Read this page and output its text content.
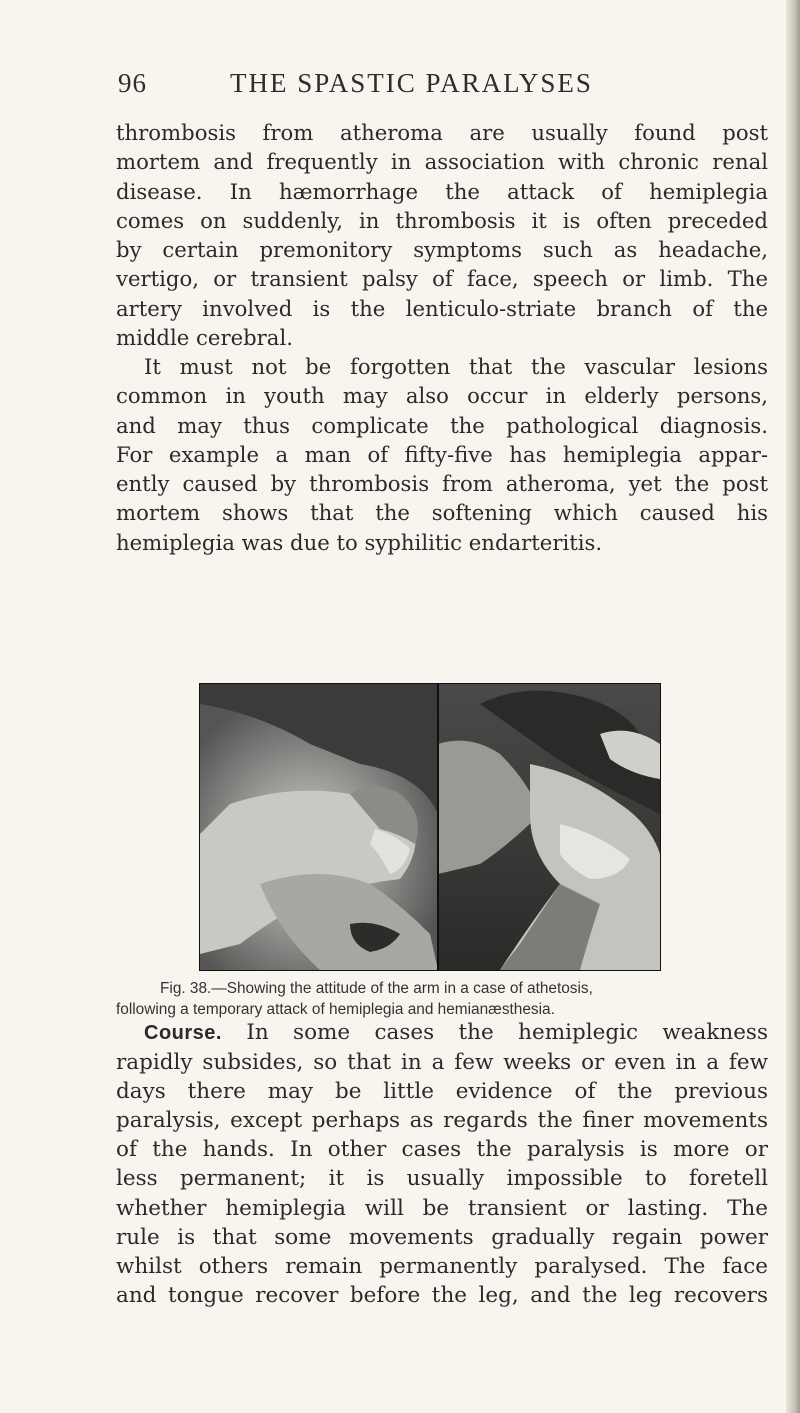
96	THE SPASTIC PARALYSES
thrombosis from atheroma are usually found post
mortem and frequently in association with chronic renal
disease. In hæmorrhage the attack of hemiplegia
comes on suddenly, in thrombosis it is often preceded
by certain premonitory symptoms such as headache,
vertigo, or transient palsy of face, speech or limb. The
artery involved is the lenticulo-striate branch of the
middle cerebral.
It must not be forgotten that the vascular lesions
common in youth may also occur in elderly persons,
and may thus complicate the pathological diagnosis.
For example a man of fifty-five has hemiplegia appar-
ently caused by thrombosis from atheroma, yet the post
mortem shows that the softening which caused his
hemiplegia was due to syphilitic endarteritis.
Fig. 38.—Showing the attitude of the arm in a case of athetosis,
following a temporary attack of hemiplegia and hemianæsthesia.
Course. In some cases the hemiplegic weakness
rapidly subsides, so that in a few weeks or even in a few
days there may be little evidence of the previous
paralysis, except perhaps as regards the finer movements
of the hands. In other cases the paralysis is more or
less permanent; it is usually impossible to foretell
whether hemiplegia will be transient or lasting. The
rule is that some movements gradually regain power
whilst others remain permanently paralysed. The face
and tongue recover before the leg, and the leg recovers
